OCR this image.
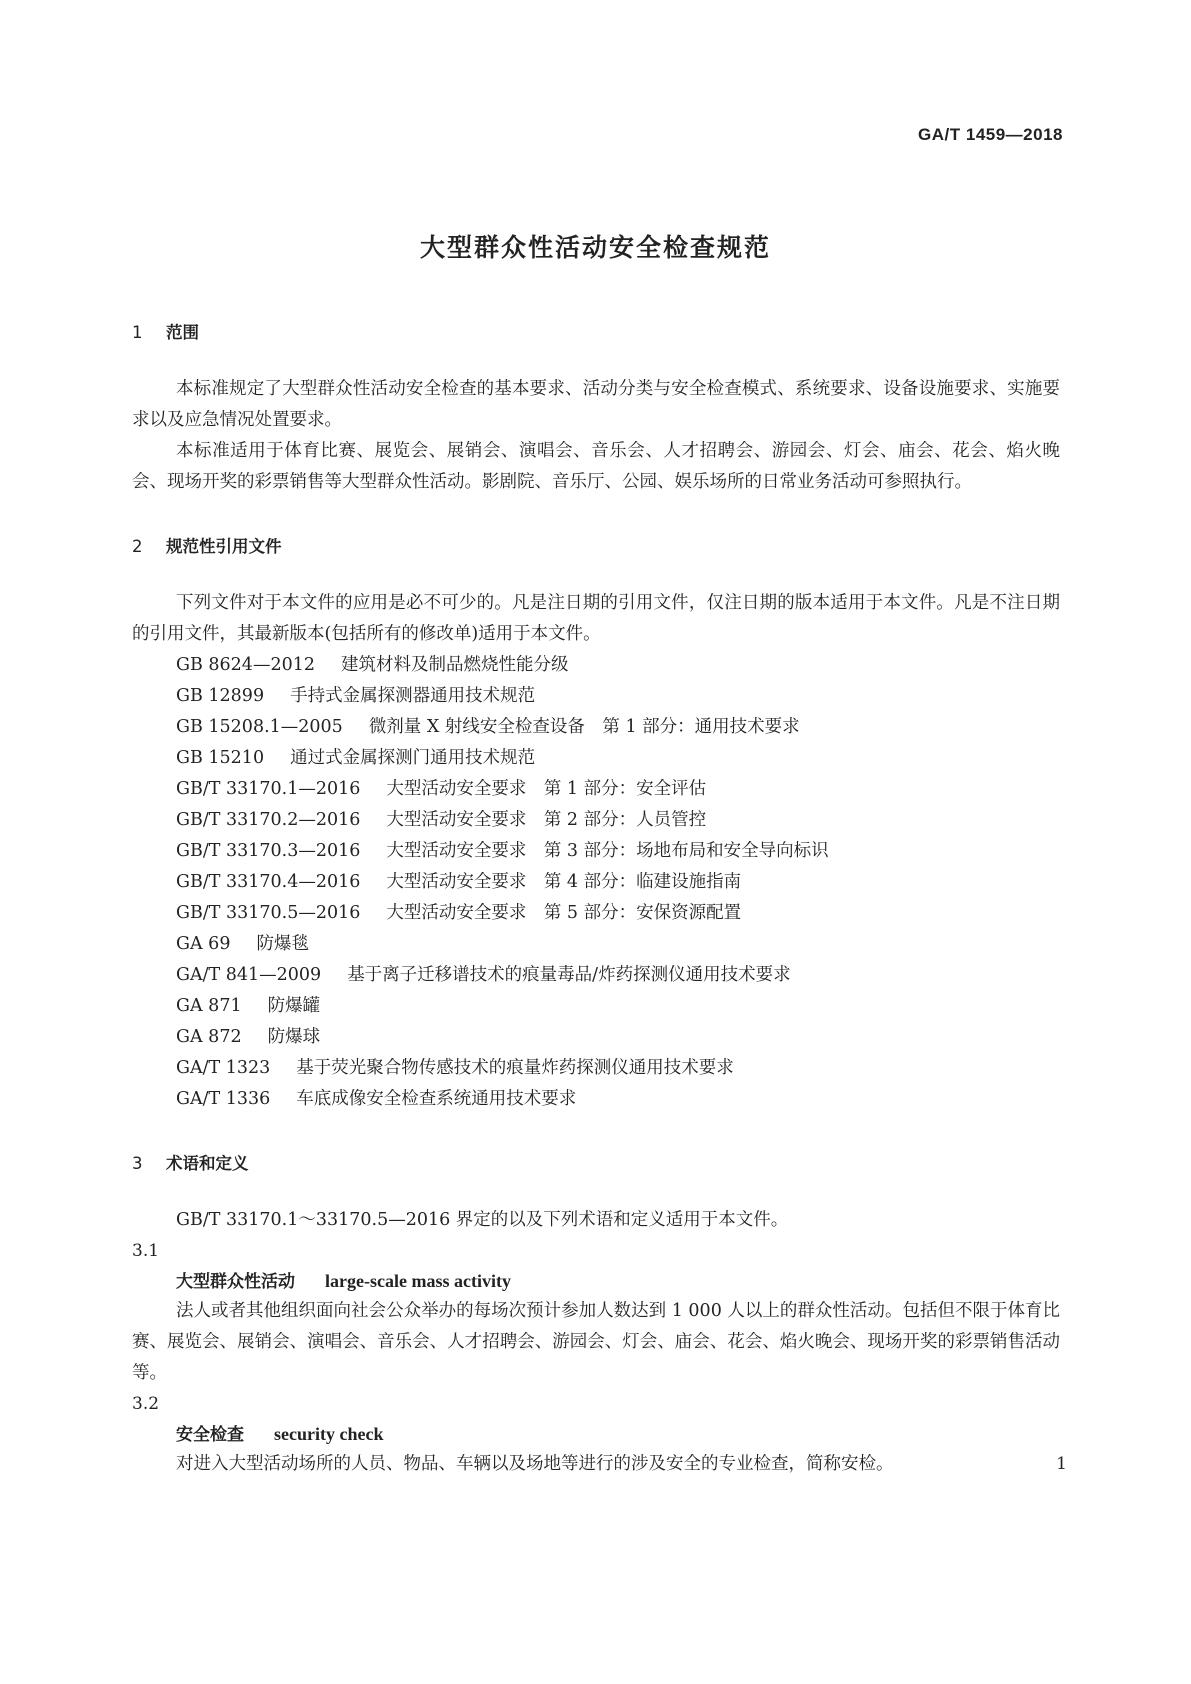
GA/T 1459—2018
大型群众性活动安全检查规范
1 范围
本标准规定了大型群众性活动安全检查的基本要求、活动分类与安全检查模式、系统要求、设备设施要求、实施要求以及应急情况处置要求。
本标准适用于体育比赛、展览会、展销会、演唱会、音乐会、人才招聘会、游园会、灯会、庙会、花会、焰火晚会、现场开奖的彩票销售等大型群众性活动。影剧院、音乐厅、公园、娱乐场所的日常业务活动可参照执行。
2 规范性引用文件
下列文件对于本文件的应用是必不可少的。凡是注日期的引用文件，仅注日期的版本适用于本文件。凡是不注日期的引用文件，其最新版本(包括所有的修改单)适用于本文件。
GB 8624—2012 建筑材料及制品燃烧性能分级
GB 12899 手持式金属探测器通用技术规范
GB 15208.1—2005 微剂量 X 射线安全检查设备　第 1 部分：通用技术要求
GB 15210 通过式金属探测门通用技术规范
GB/T 33170.1—2016 大型活动安全要求　第 1 部分：安全评估
GB/T 33170.2—2016 大型活动安全要求　第 2 部分：人员管控
GB/T 33170.3—2016 大型活动安全要求　第 3 部分：场地布局和安全导向标识
GB/T 33170.4—2016 大型活动安全要求　第 4 部分：临建设施指南
GB/T 33170.5—2016 大型活动安全要求　第 5 部分：安保资源配置
GA 69 防爆毯
GA/T 841—2009 基于离子迁移谱技术的痕量毒品/炸药探测仪通用技术要求
GA 871 防爆罐
GA 872 防爆球
GA/T 1323 基于荧光聚合物传感技术的痕量炸药探测仪通用技术要求
GA/T 1336 车底成像安全检查系统通用技术要求
3 术语和定义
GB/T 33170.1～33170.5—2016 界定的以及下列术语和定义适用于本文件。
3.1
大型群众性活动 large-scale mass activity
法人或者其他组织面向社会公众举办的每场次预计参加人数达到 1 000 人以上的群众性活动。包括但不限于体育比赛、展览会、展销会、演唱会、音乐会、人才招聘会、游园会、灯会、庙会、花会、焰火晚会、现场开奖的彩票销售活动等。
3.2
安全检查 security check
对进入大型活动场所的人员、物品、车辆以及场地等进行的涉及安全的专业检查，简称安检。	1
